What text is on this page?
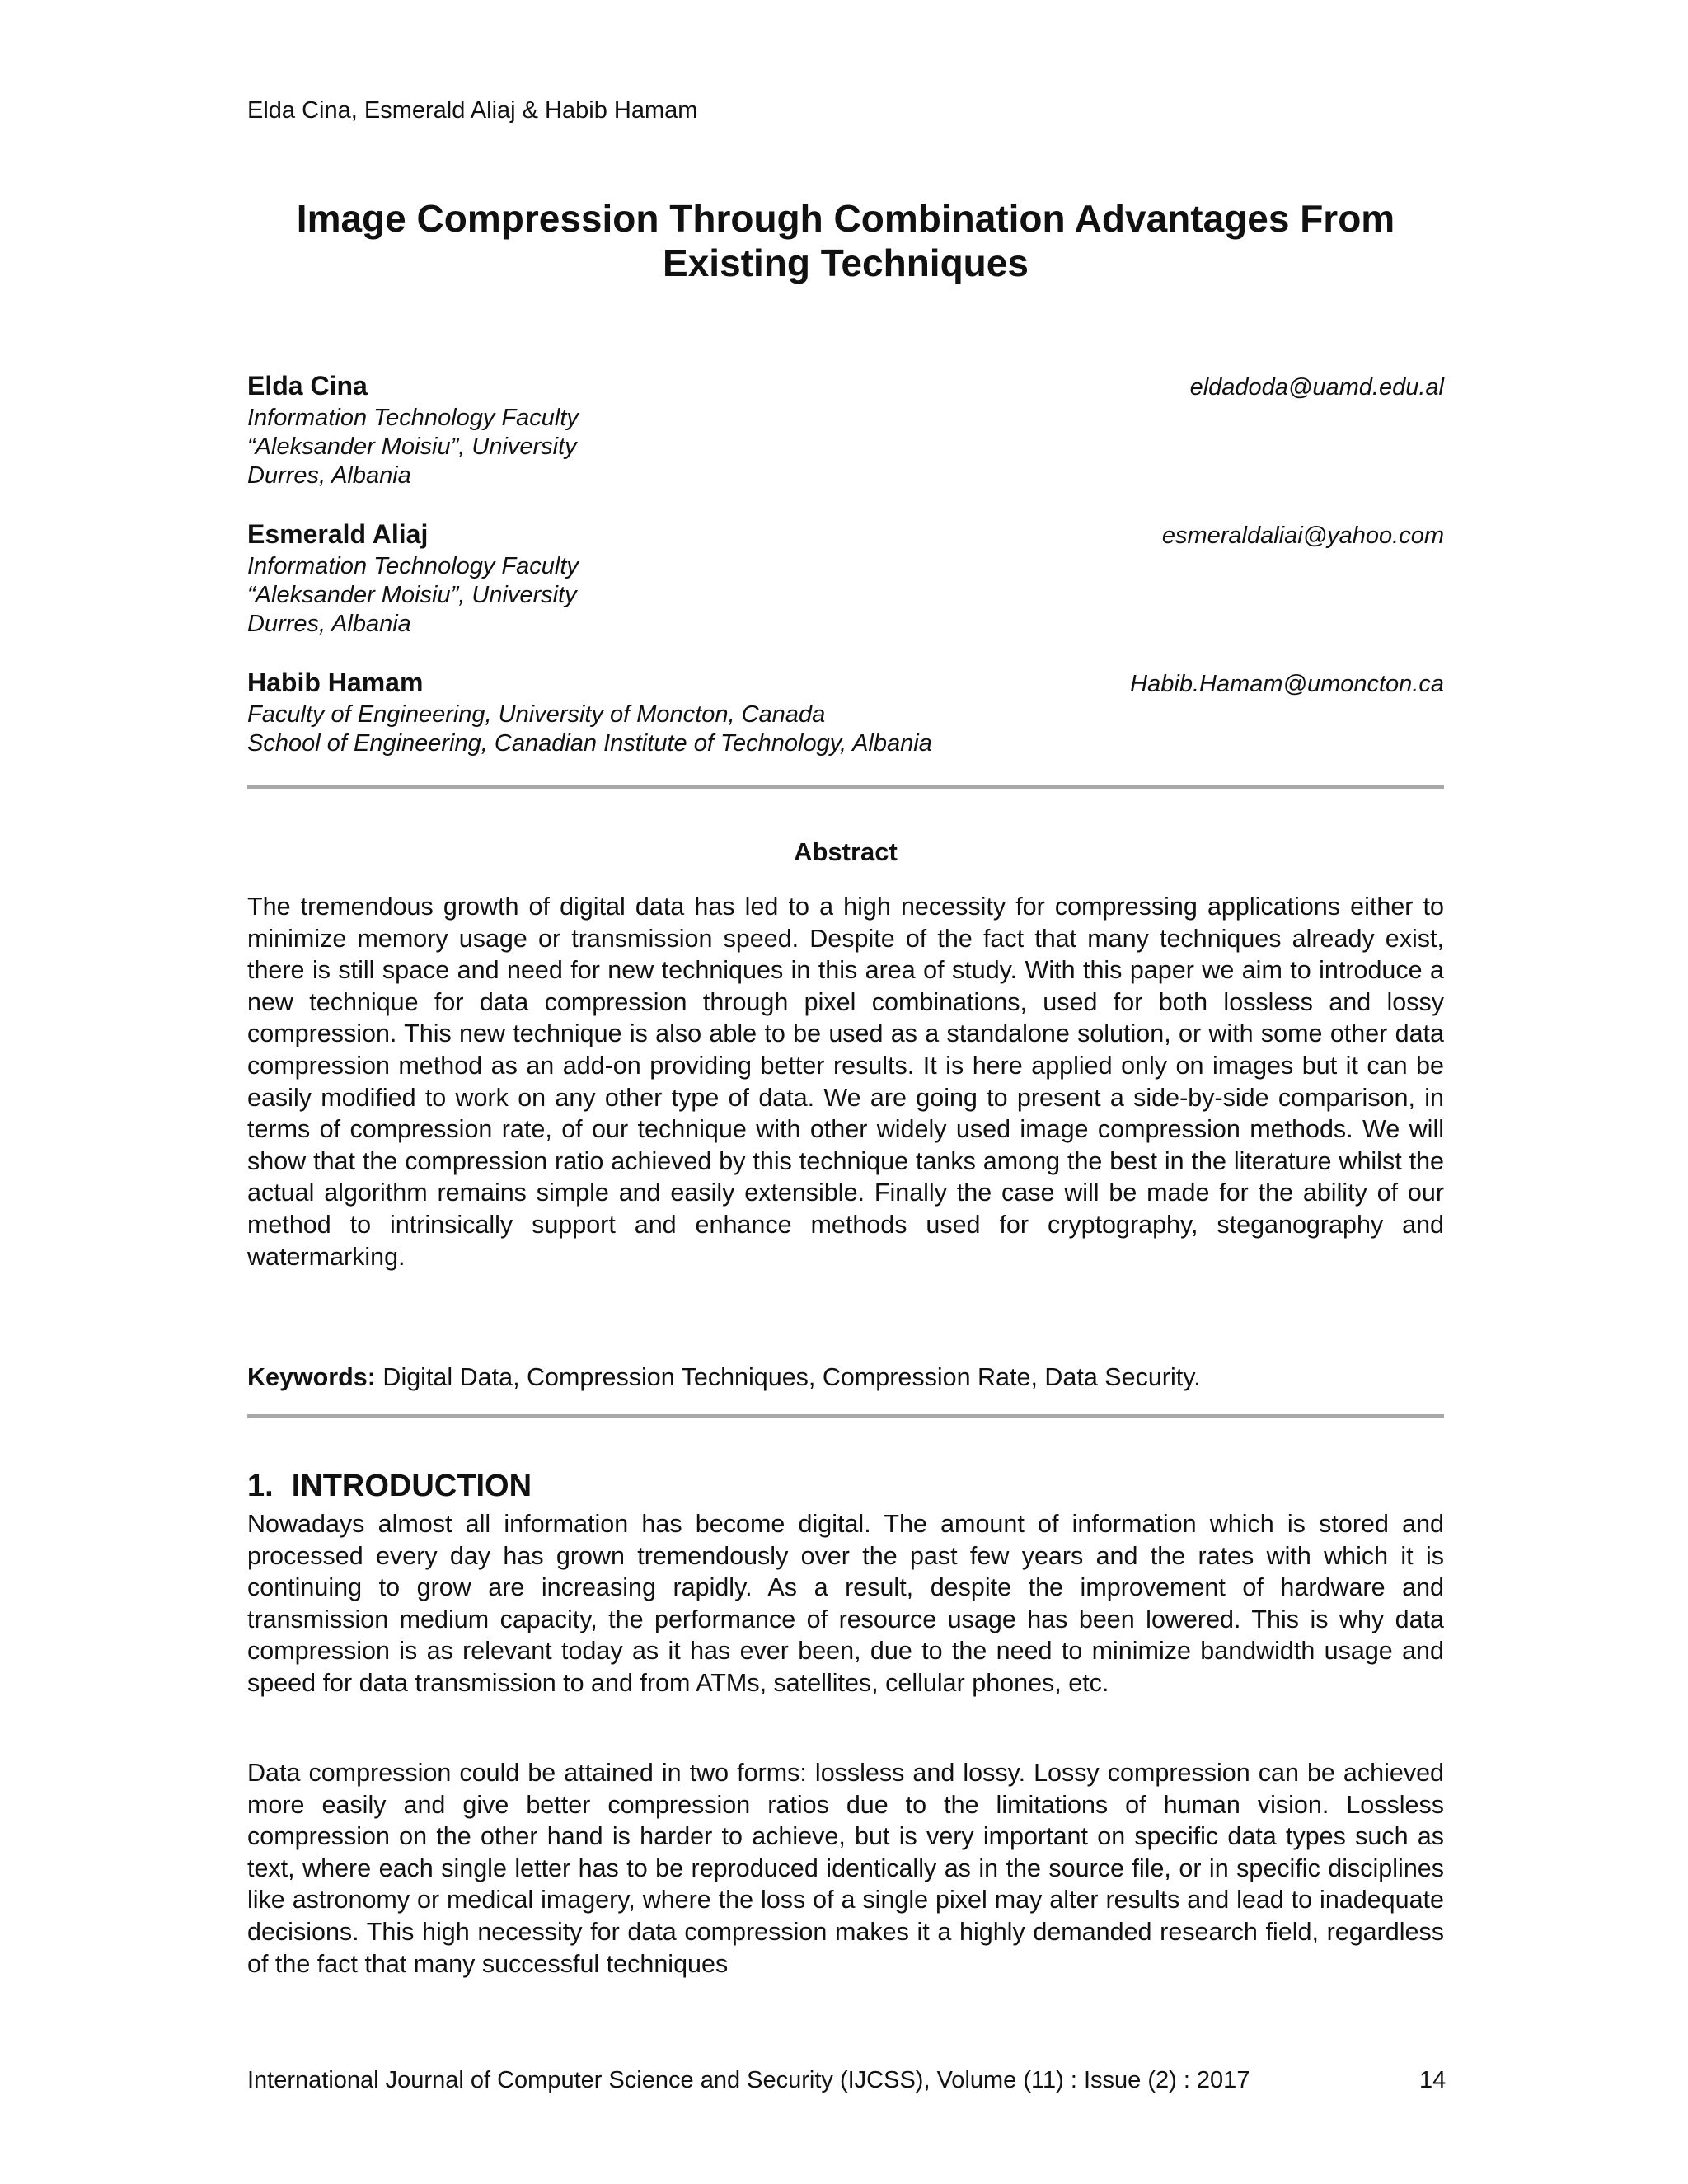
Elda Cina, Esmerald Aliaj & Habib Hamam
Image Compression Through Combination Advantages From
Existing Techniques
Elda Cina	eldadoda@uamd.edu.al

Information Technology Faculty

“Aleksander Moisiu”, University

Durres, Albania

Esmerald Aliaj	esmeraldaliai@yahoo.com

Information Technology Faculty

“Aleksander Moisiu”, University

Durres, Albania

Habib Hamam	Habib.Hamam@umoncton.ca

Faculty of Engineering, University of Moncton, Canada

School of Engineering, Canadian Institute of Technology, Albania

Abstract

The tremendous growth of digital data has led to a high necessity for compressing applications either to minimize memory usage or transmission speed. Despite of the fact that many techniques already exist, there is still space and need for new techniques in this area of study. With this paper we aim to introduce a new technique for data compression through pixel combinations, used for both lossless and lossy compression. This new technique is also able to be used as a standalone solution, or with some other data compression method as an add-on providing better results. It is here applied only on images but it can be easily modified to work on any other type of data. We are going to present a side-by-side comparison, in terms of compression rate, of our technique with other widely used image compression methods. We will show that the compression ratio achieved by this technique tanks among the best in the literature whilst the actual algorithm remains simple and easily extensible. Finally the case will be made for the ability of our method to intrinsically support and enhance methods used for cryptography, steganography and watermarking.

Keywords: Digital Data, Compression Techniques, Compression Rate, Data Security.
1. INTRODUCTION

Nowadays almost all information has become digital. The amount of information which is stored and processed every day has grown tremendously over the past few years and the rates with which it is continuing to grow are increasing rapidly. As a result, despite the improvement of hardware and transmission medium capacity, the performance of resource usage has been lowered. This is why data compression is as relevant today as it has ever been, due to the need to minimize bandwidth usage and speed for data transmission to and from ATMs, satellites, cellular phones, etc.

Data compression could be attained in two forms: lossless and lossy. Lossy compression can be achieved more easily and give better compression ratios due to the limitations of human vision. Lossless compression on the other hand is harder to achieve, but is very important on specific data types such as text, where each single letter has to be reproduced identically as in the source file, or in specific disciplines like astronomy or medical imagery, where the loss of a single pixel may alter results and lead to inadequate decisions. This high necessity for data compression makes it a highly demanded research field, regardless of the fact that many successful techniques

International Journal of Computer Science and Security (IJCSS), Volume (11) : Issue (2) : 2017	14
